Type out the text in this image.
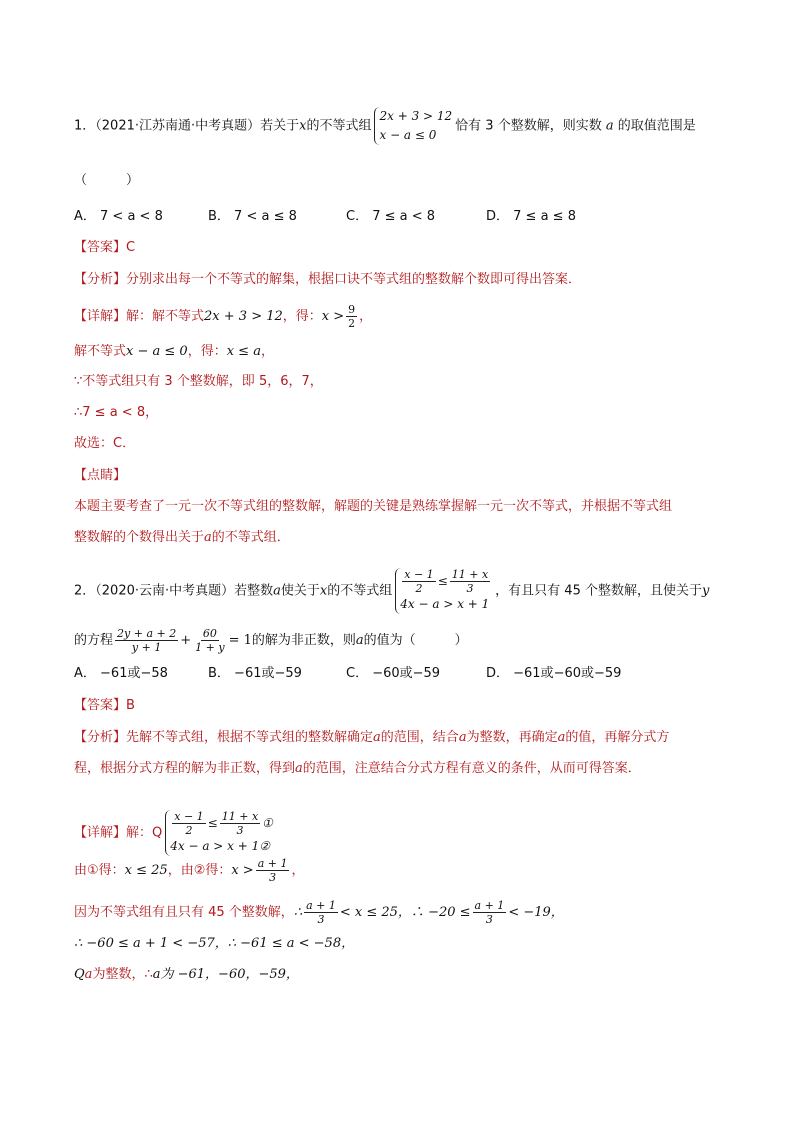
1．（2021·江苏南通·中考真题）若关于x的不等式组
2x + 3 > 12
x − a ≤ 0
恰有 3 个整数解，则实数 a 的取值范围是
（　　　）
A． 7 < a < 8	B． 7 < a ≤ 8	C． 7 ≤ a < 8	D． 7 ≤ a ≤ 8
【答案】C
【分析】分别求出每一个不等式的解集，根据口诀不等式组的整数解个数即可得出答案．
【详解】解：解不等式2x + 3 > 12，得：$x > \frac{9}{2}$ ，
解不等式x − a ≤ 0，得：x ≤ a，
∵不等式组只有 3 个整数解，即 5，6，7，
∴7 ≤ a < 8，
故选：C．
【点睛】
本题主要考查了一元一次不等式组的整数解，解题的关键是熟练掌握解一元一次不等式，并根据不等式组
整数解的个数得出关于a的不等式组．
2．（2020·云南·中考真题）若整数a使关于x的不等式组 $\frac{x - 1}{2} \le \frac{11 + x}{3}$
4x − a > x + 1
，有且只有 45 个整数解，且使关于y
的方程 $\frac{2y + a + 2}{y + 1} + \frac{60}{1 + y} = 1$的解为非正数，则a的值为（　　　）
A． −61或−58	B． −61或−59	C． −60或−59	D． −61或−60或−59
【答案】B
【分析】先解不等式组，根据不等式组的整数解确定a的范围，结合a为整数，再确定a的值，再解分式方
程，根据分式方程的解为非正数，得到a的范围，注意结合分式方程有意义的条件，从而可得答案．
【详解】解：Q $\frac{x - 1}{2} \le \frac{11 + x}{3}$ ①
4x − a > x + 1②
由①得：x ≤ 25，由②得：$x > \frac{a + 1}{3}$ ，
因为不等式组有且只有 45 个整数解，∴ $\frac{a + 1}{3} < x \le 25$，∴ $-20 \le \frac{a + 1}{3} < -19$，
∴ −60 ≤ a + 1 < −57，∴ −61 ≤ a < −58，
Qa为整数，∴a为 −61，−60，−59，
